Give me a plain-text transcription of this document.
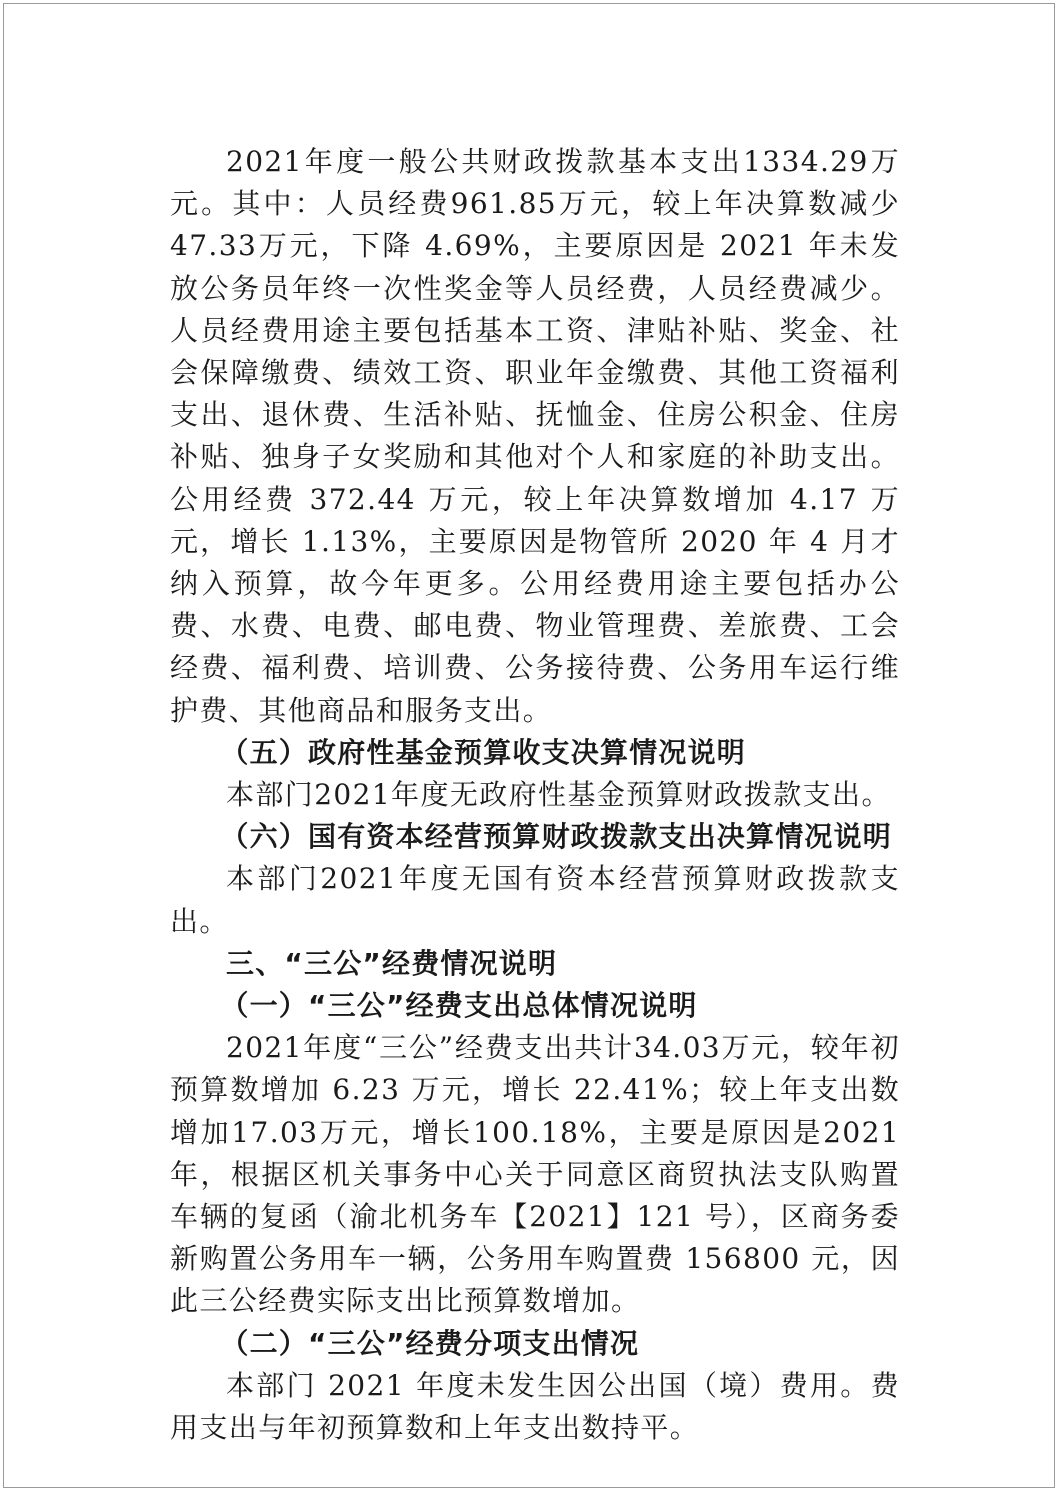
2021年度一般公共财政拨款基本支出1334.29万元。其中：人员经费961.85万元，较上年决算数减少47.33万元，下降 4.69%，主要原因是 2021 年未发放公务员年终一次性奖金等人员经费，人员经费减少。人员经费用途主要包括基本工资、津贴补贴、奖金、社会保障缴费、绩效工资、职业年金缴费、其他工资福利支出、退休费、生活补贴、抚恤金、住房公积金、住房补贴、独身子女奖励和其他对个人和家庭的补助支出。公用经费 372.44 万元，较上年决算数增加 4.17 万元，增长 1.13%，主要原因是物管所 2020 年 4 月才纳入预算，故今年更多。公用经费用途主要包括办公费、水费、电费、邮电费、物业管理费、差旅费、工会经费、福利费、培训费、公务接待费、公务用车运行维护费、其他商品和服务支出。

（五）政府性基金预算收支决算情况说明

本部门2021年度无政府性基金预算财政拨款支出。

（六）国有资本经营预算财政拨款支出决算情况说明

本部门2021年度无国有资本经营预算财政拨款支出。

三、“三公”经费情况说明

（一）“三公”经费支出总体情况说明

2021年度“三公”经费支出共计34.03万元，较年初预算数增加 6.23 万元，增长 22.41%；较上年支出数增加17.03万元，增长100.18%，主要是原因是2021年，根据区机关事务中心关于同意区商贸执法支队购置车辆的复函（渝北机务车【2021】121 号），区商务委新购置公务用车一辆，公务用车购置费 156800 元，因此三公经费实际支出比预算数增加。

（二）“三公”经费分项支出情况

本部门 2021 年度未发生因公出国（境）费用。费用支出与年初预算数和上年支出数持平。
